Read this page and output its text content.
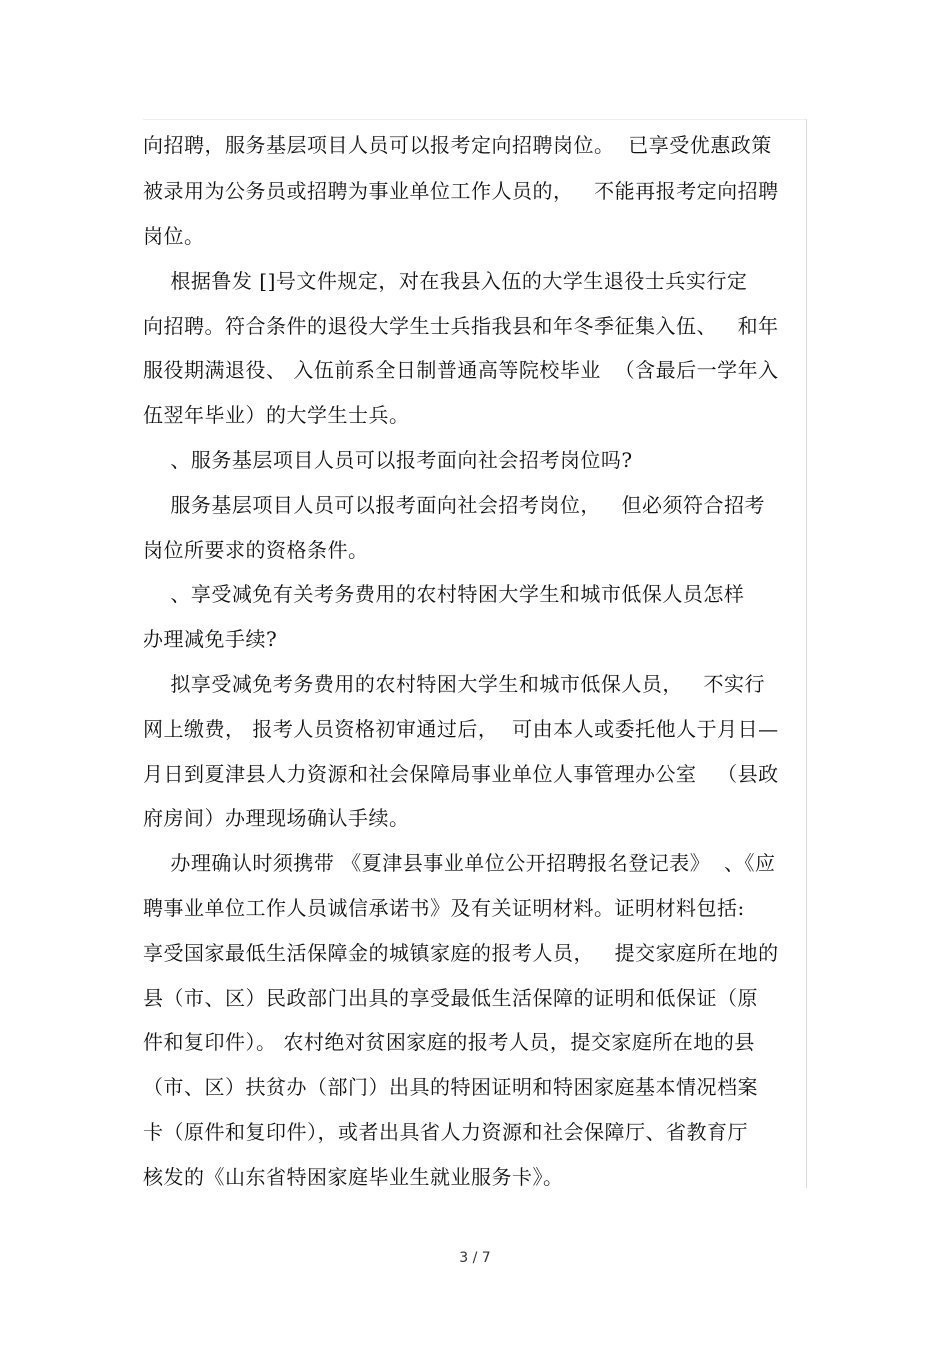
向招聘，服务基层项目人员可以报考定向招聘岗位。  已享受优惠政策
被录用为公务员或招聘为事业单位工作人员的，   不能再报考定向招聘
岗位。
根据鲁发 []号文件规定，对在我县入伍的大学生退役士兵实行定
向招聘。符合条件的退役大学生士兵指我县和年冬季征集入伍、   和年
服役期满退役、 入伍前系全日制普通高等院校毕业  （含最后一学年入
伍翌年毕业）的大学生士兵。
、服务基层项目人员可以报考面向社会招考岗位吗?
服务基层项目人员可以报考面向社会招考岗位，   但必须符合招考
岗位所要求的资格条件。
、享受减免有关考务费用的农村特困大学生和城市低保人员怎样
办理减免手续?
拟享受减免考务费用的农村特困大学生和城市低保人员，   不实行
网上缴费， 报考人员资格初审通过后，  可由本人或委托他人于月日—
月日到夏津县人力资源和社会保障局事业单位人事管理办公室   （县政
府房间）办理现场确认手续。
办理确认时须携带 《夏津县事业单位公开招聘报名登记表》  、《应
聘事业单位工作人员诚信承诺书》及有关证明材料。证明材料包括:
享受国家最低生活保障金的城镇家庭的报考人员，   提交家庭所在地的
县（市、区）民政部门出具的享受最低生活保障的证明和低保证（原
件和复印件）。 农村绝对贫困家庭的报考人员，提交家庭所在地的县
（市、区）扶贫办（部门）出具的特困证明和特困家庭基本情况档案
卡（原件和复印件），或者出具省人力资源和社会保障厅、省教育厅
核发的《山东省特困家庭毕业生就业服务卡》。
3 / 7
